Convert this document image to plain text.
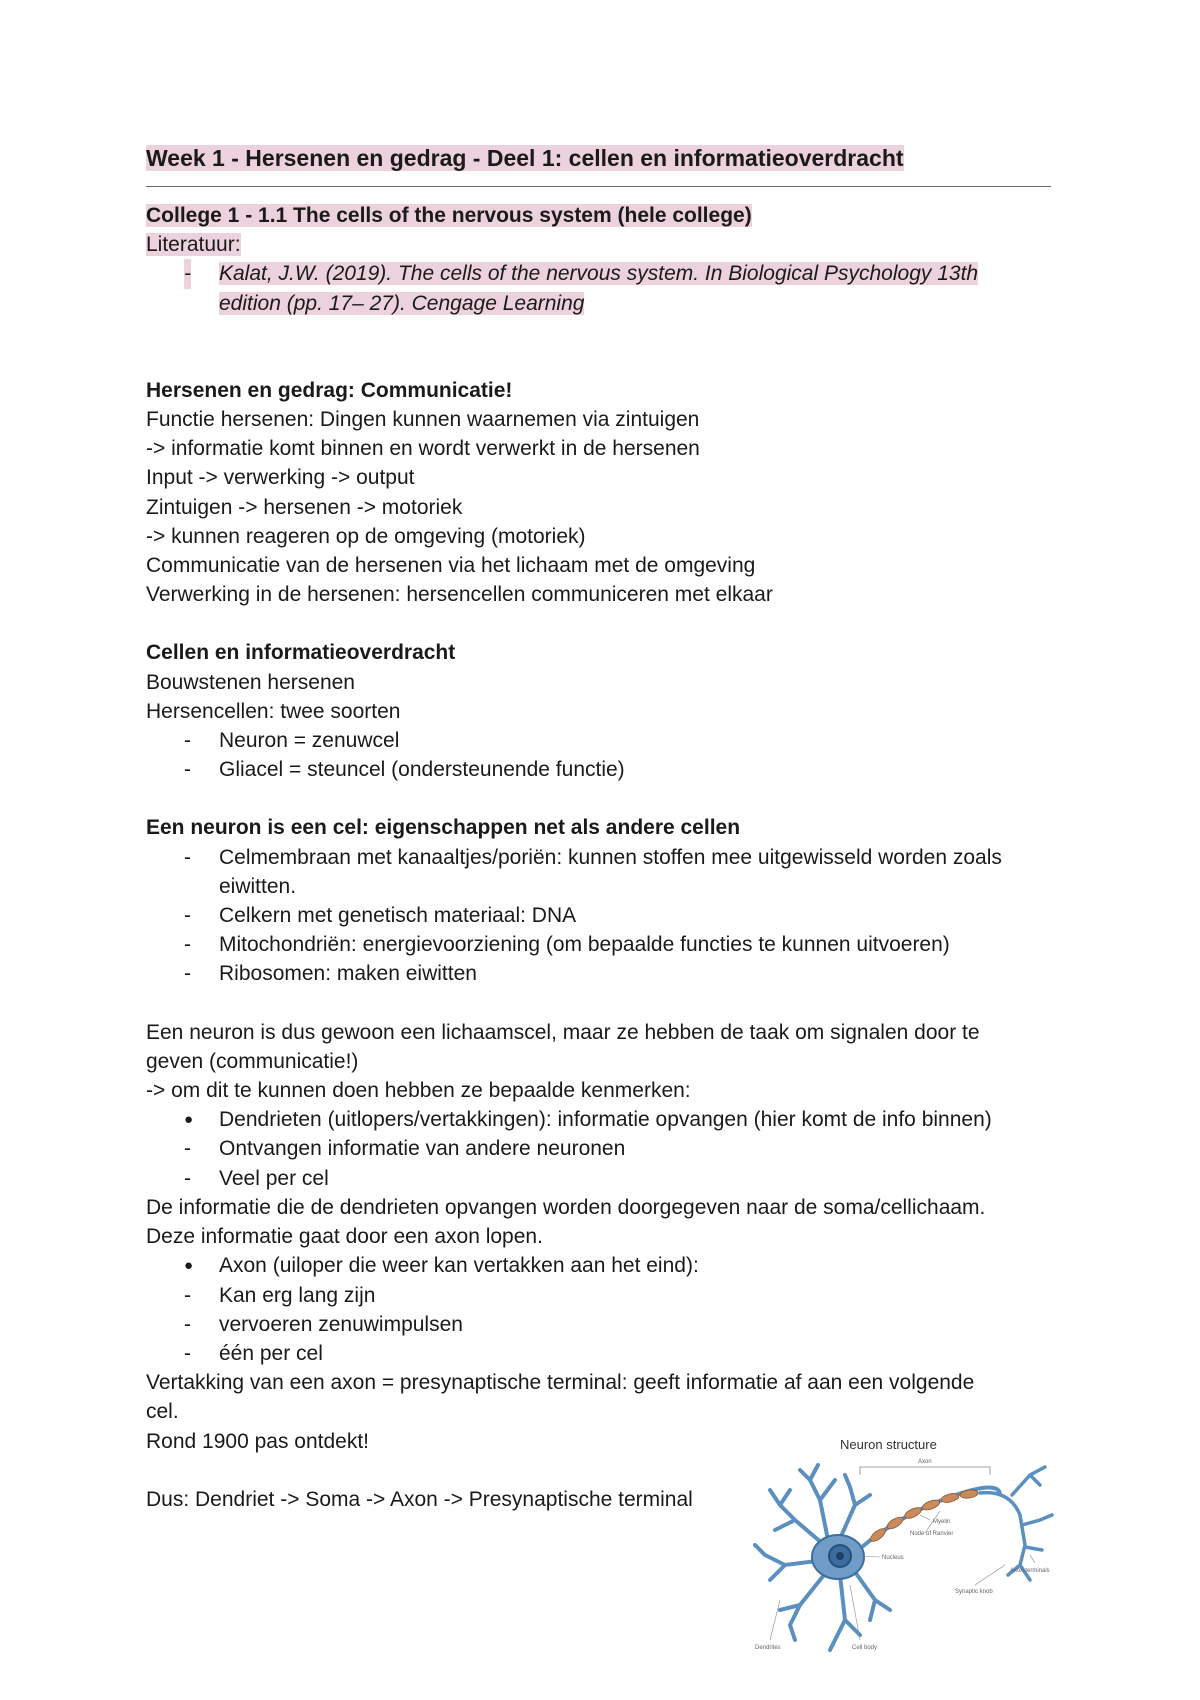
Week 1 - Hersenen en gedrag - Deel 1: cellen en informatieoverdracht

College 1 - 1.1 The cells of the nervous system (hele college)
Literatuur:
- Kalat, J.W. (2019). The cells of the nervous system. In Biological Psychology 13th
edition (pp. 17– 27). Cengage Learning
Hersenen en gedrag: Communicatie!
Functie hersenen: Dingen kunnen waarnemen via zintuigen
-> informatie komt binnen en wordt verwerkt in de hersenen
Input -> verwerking -> output
Zintuigen -> hersenen -> motoriek
-> kunnen reageren op de omgeving (motoriek)
Communicatie van de hersenen via het lichaam met de omgeving
Verwerking in de hersenen: hersencellen communiceren met elkaar
Cellen en informatieoverdracht
Bouwstenen hersenen
Hersencellen: twee soorten
- Neuron = zenuwcel
- Gliacel = steuncel (ondersteunende functie)
Een neuron is een cel: eigenschappen net als andere cellen
- Celmembraan met kanaaltjes/poriën: kunnen stoffen mee uitgewisseld worden zoals
eiwitten.
- Celkern met genetisch materiaal: DNA
- Mitochondriën: energievoorziening (om bepaalde functies te kunnen uitvoeren)
- Ribosomen: maken eiwitten
Een neuron is dus gewoon een lichaamscel, maar ze hebben de taak om signalen door te
geven (communicatie!)
-> om dit te kunnen doen hebben ze bepaalde kenmerken:
● Dendrieten (uitlopers/vertakkingen): informatie opvangen (hier komt de info binnen)
- Ontvangen informatie van andere neuronen
- Veel per cel
De informatie die de dendrieten opvangen worden doorgegeven naar de soma/cellichaam.
Deze informatie gaat door een axon lopen.
● Axon (uiloper die weer kan vertakken aan het eind):
- Kan erg lang zijn
- vervoeren zenuwimpulsen
- één per cel
Vertakking van een axon = presynaptische terminal: geeft informatie af aan een volgende
cel.
Rond 1900 pas ontdekt!
Dus: Dendriet -> Soma -> Axon -> Presynaptische terminal
Neuron structure
Axon
Myelin
Node of Ranvier
Nucleus
Axon terminals
Synaptic knob
Dendrites	Cell body
